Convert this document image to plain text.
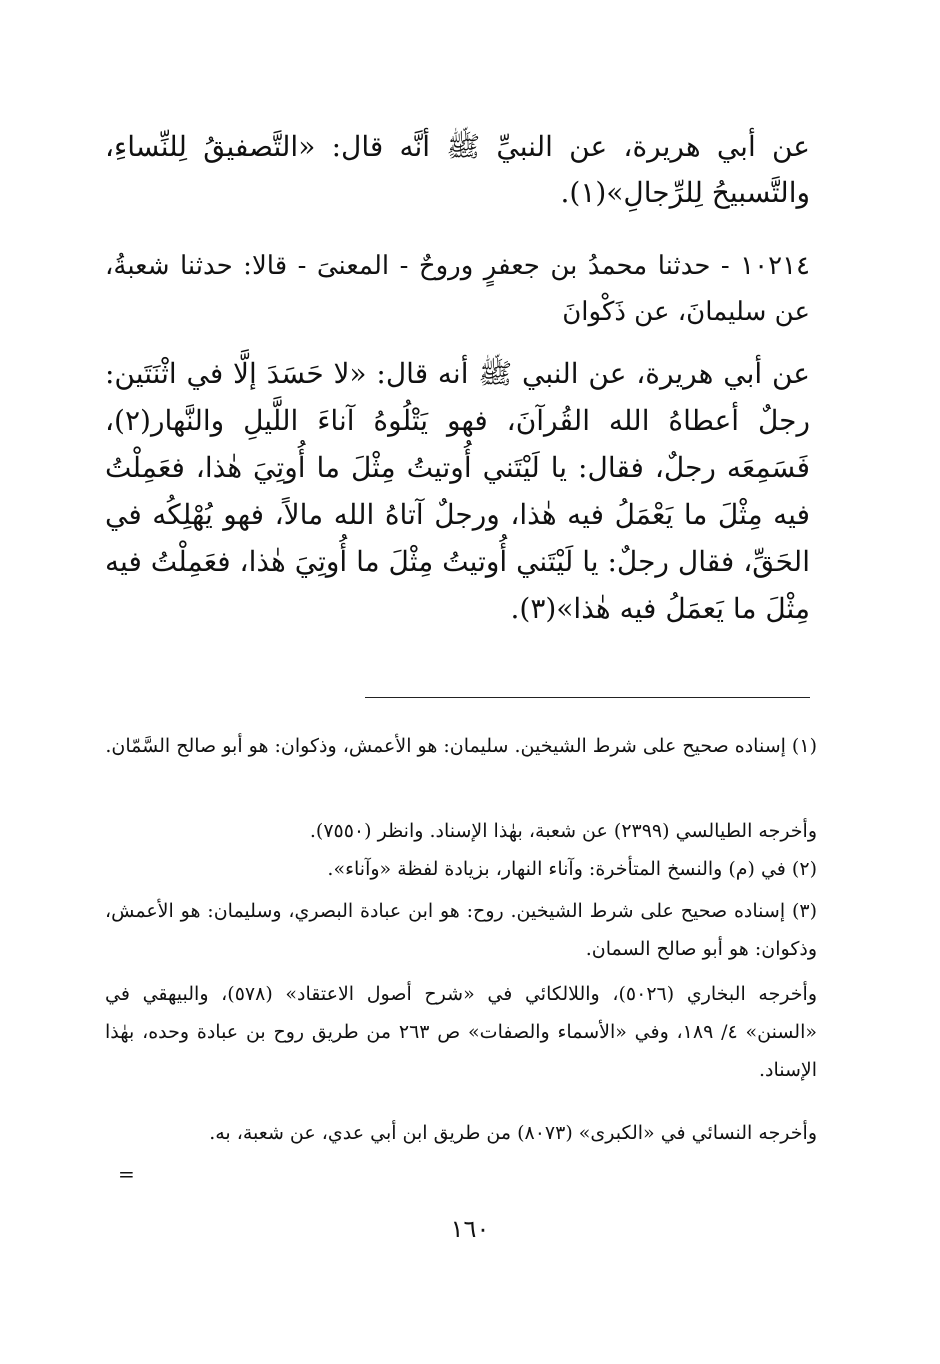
عن أبي هريرة، عن النبيِّ ﷺ أنَّه قال: «التَّصفيقُ لِلنِّساءِ، والتَّسبيحُ لِلرِّجالِ»(١).
١٠٢١٤ - حدثنا محمدُ بن جعفرٍ وروحٌ - المعنىَ - قالا: حدثنا شعبةُ، عن سليمانَ، عن ذَكْوانَ
عن أبي هريرة، عن النبي ﷺ أنه قال: «لا حَسَدَ إلَّا في اثْنَتَين: رجلٌ أعطاهُ الله القُرآنَ، فهو يَتْلُوهُ آناءَ اللَّيلِ والنَّهار(٢)، فَسَمِعَه رجلٌ، فقال: يا لَيْتَني أُوتيتُ مِثْلَ ما أُوتِيَ هٰذا، فعَمِلْتُ فيه مِثْلَ ما يَعْمَلُ فيه هٰذا، ورجلٌ آتاهُ الله مالاً، فهو يُهْلِكُه في الحَقِّ، فقال رجلٌ: يا لَيْتَني أُوتيتُ مِثْلَ ما أُوتِيَ هٰذا، فعَمِلْتُ فيه مِثْلَ ما يَعمَلُ فيه هٰذا»(٣).
(١) إسناده صحيح على شرط الشيخين. سليمان: هو الأعمش، وذكوان: هو أبو صالح السَّمّان.
وأخرجه الطيالسي (٢٣٩٩) عن شعبة، بهٰذا الإسناد. وانظر (٧٥٥٠).
(٢) في (م) والنسخ المتأخرة: وآناء النهار، بزيادة لفظة «وآناء».
(٣) إسناده صحيح على شرط الشيخين. روح: هو ابن عبادة البصري، وسليمان: هو الأعمش، وذكوان: هو أبو صالح السمان.
وأخرجه البخاري (٥٠٢٦)، واللالكائي في «شرح أصول الاعتقاد» (٥٧٨)، والبيهقي في «السنن» ٤/ ١٨٩، وفي «الأسماء والصفات» ص ٢٦٣ من طريق روح بن عبادة وحده، بهٰذا الإسناد.
وأخرجه النسائي في «الكبرى» (٨٠٧٣) من طريق ابن أبي عدي، عن شعبة، به.
=
١٦٠
